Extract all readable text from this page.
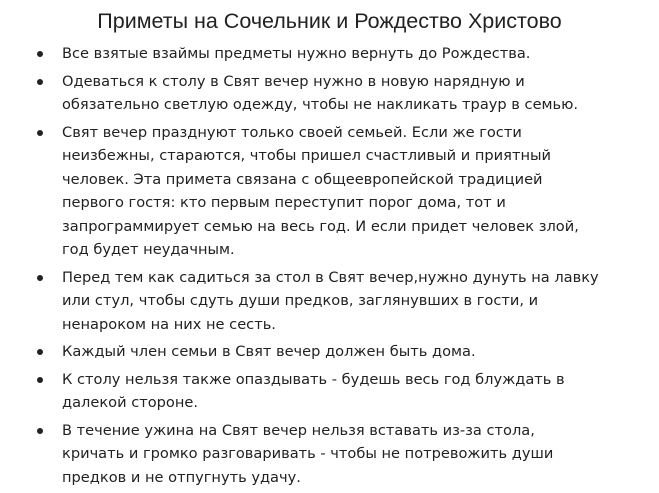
Приметы на Сочельник и Рождество Христово
Все взятые взаймы предметы нужно вернуть до Рождества.
Одеваться к столу в Свят вечер нужно в новую нарядную и обязательно светлую одежду, чтобы не накликать траур в семью.
Свят вечер празднуют только своей семьей. Если же гости неизбежны, стараются, чтобы пришел счастливый и приятный человек. Эта примета связана с общеевропейской традицией первого гостя: кто первым переступит порог дома, тот и запрограммирует семью на весь год. И если придет человек злой, год будет неудачным.
Перед тем как садиться за стол в Свят вечер,нужно дунуть на лавку или стул, чтобы сдуть души предков, заглянувших в гости, и ненароком на них не сесть.
Каждый член семьи в Свят вечер должен быть дома.
К столу нельзя также опаздывать - будешь весь год блуждать в далекой стороне.
В течение ужина на Свят вечер нельзя вставать из-за стола, кричать и громко разговаривать - чтобы не потревожить души предков и не отпугнуть удачу.
